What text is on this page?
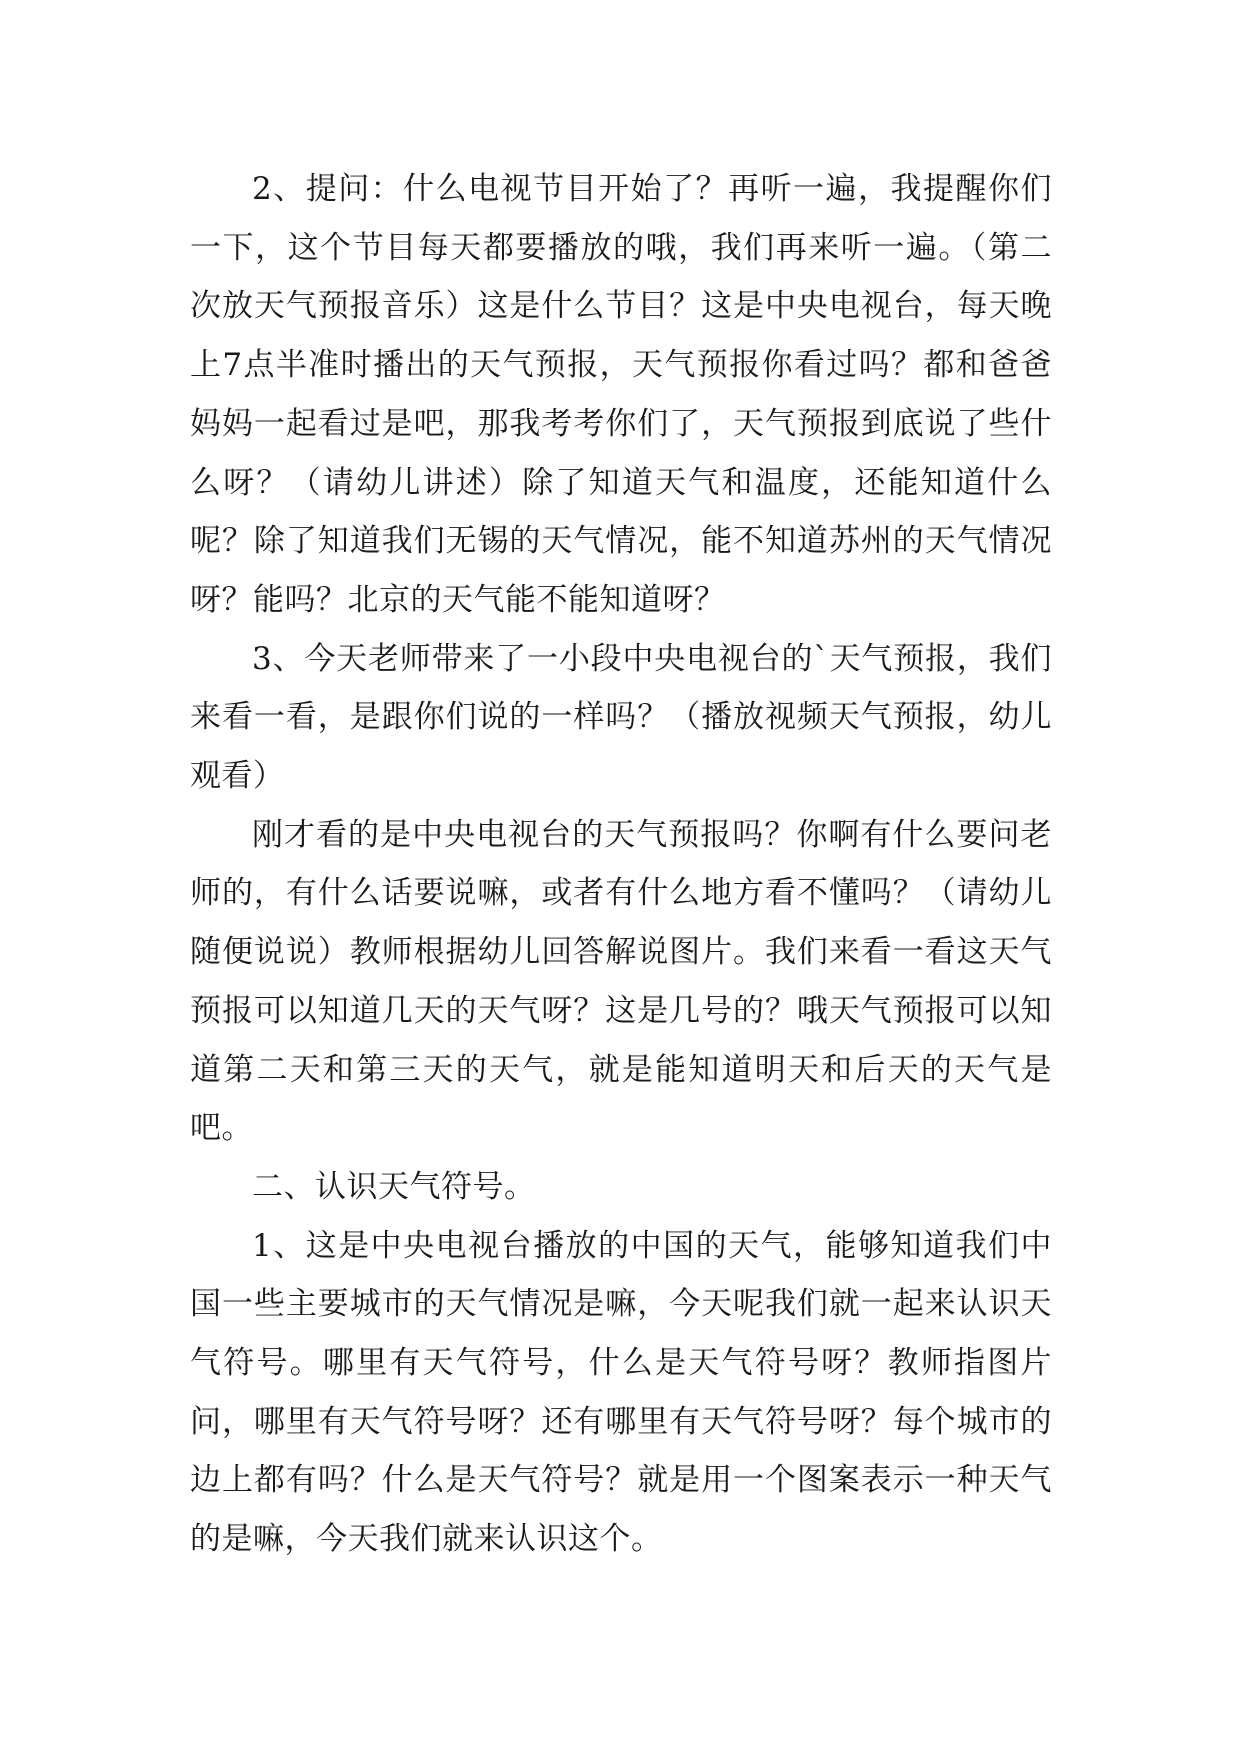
2、提问：什么电视节目开始了？再听一遍，我提醒你们一下，这个节目每天都要播放的哦，我们再来听一遍。（第二次放天气预报音乐）这是什么节目？这是中央电视台，每天晚上7点半准时播出的天气预报，天气预报你看过吗？都和爸爸妈妈一起看过是吧，那我考考你们了，天气预报到底说了些什么呀？（请幼儿讲述）除了知道天气和温度，还能知道什么呢？除了知道我们无锡的天气情况，能不知道苏州的天气情况呀？能吗？北京的天气能不能知道呀？

3、今天老师带来了一小段中央电视台的`天气预报，我们来看一看，是跟你们说的一样吗？（播放视频天气预报，幼儿观看）

刚才看的是中央电视台的天气预报吗？你啊有什么要问老师的，有什么话要说嘛，或者有什么地方看不懂吗？（请幼儿随便说说）教师根据幼儿回答解说图片。我们来看一看这天气预报可以知道几天的天气呀？这是几号的？哦天气预报可以知道第二天和第三天的天气，就是能知道明天和后天的天气是吧。

二、认识天气符号。

1、这是中央电视台播放的中国的天气，能够知道我们中国一些主要城市的天气情况是嘛，今天呢我们就一起来认识天气符号。哪里有天气符号，什么是天气符号呀？教师指图片问，哪里有天气符号呀？还有哪里有天气符号呀？每个城市的边上都有吗？什么是天气符号？就是用一个图案表示一种天气的是嘛，今天我们就来认识这个。
